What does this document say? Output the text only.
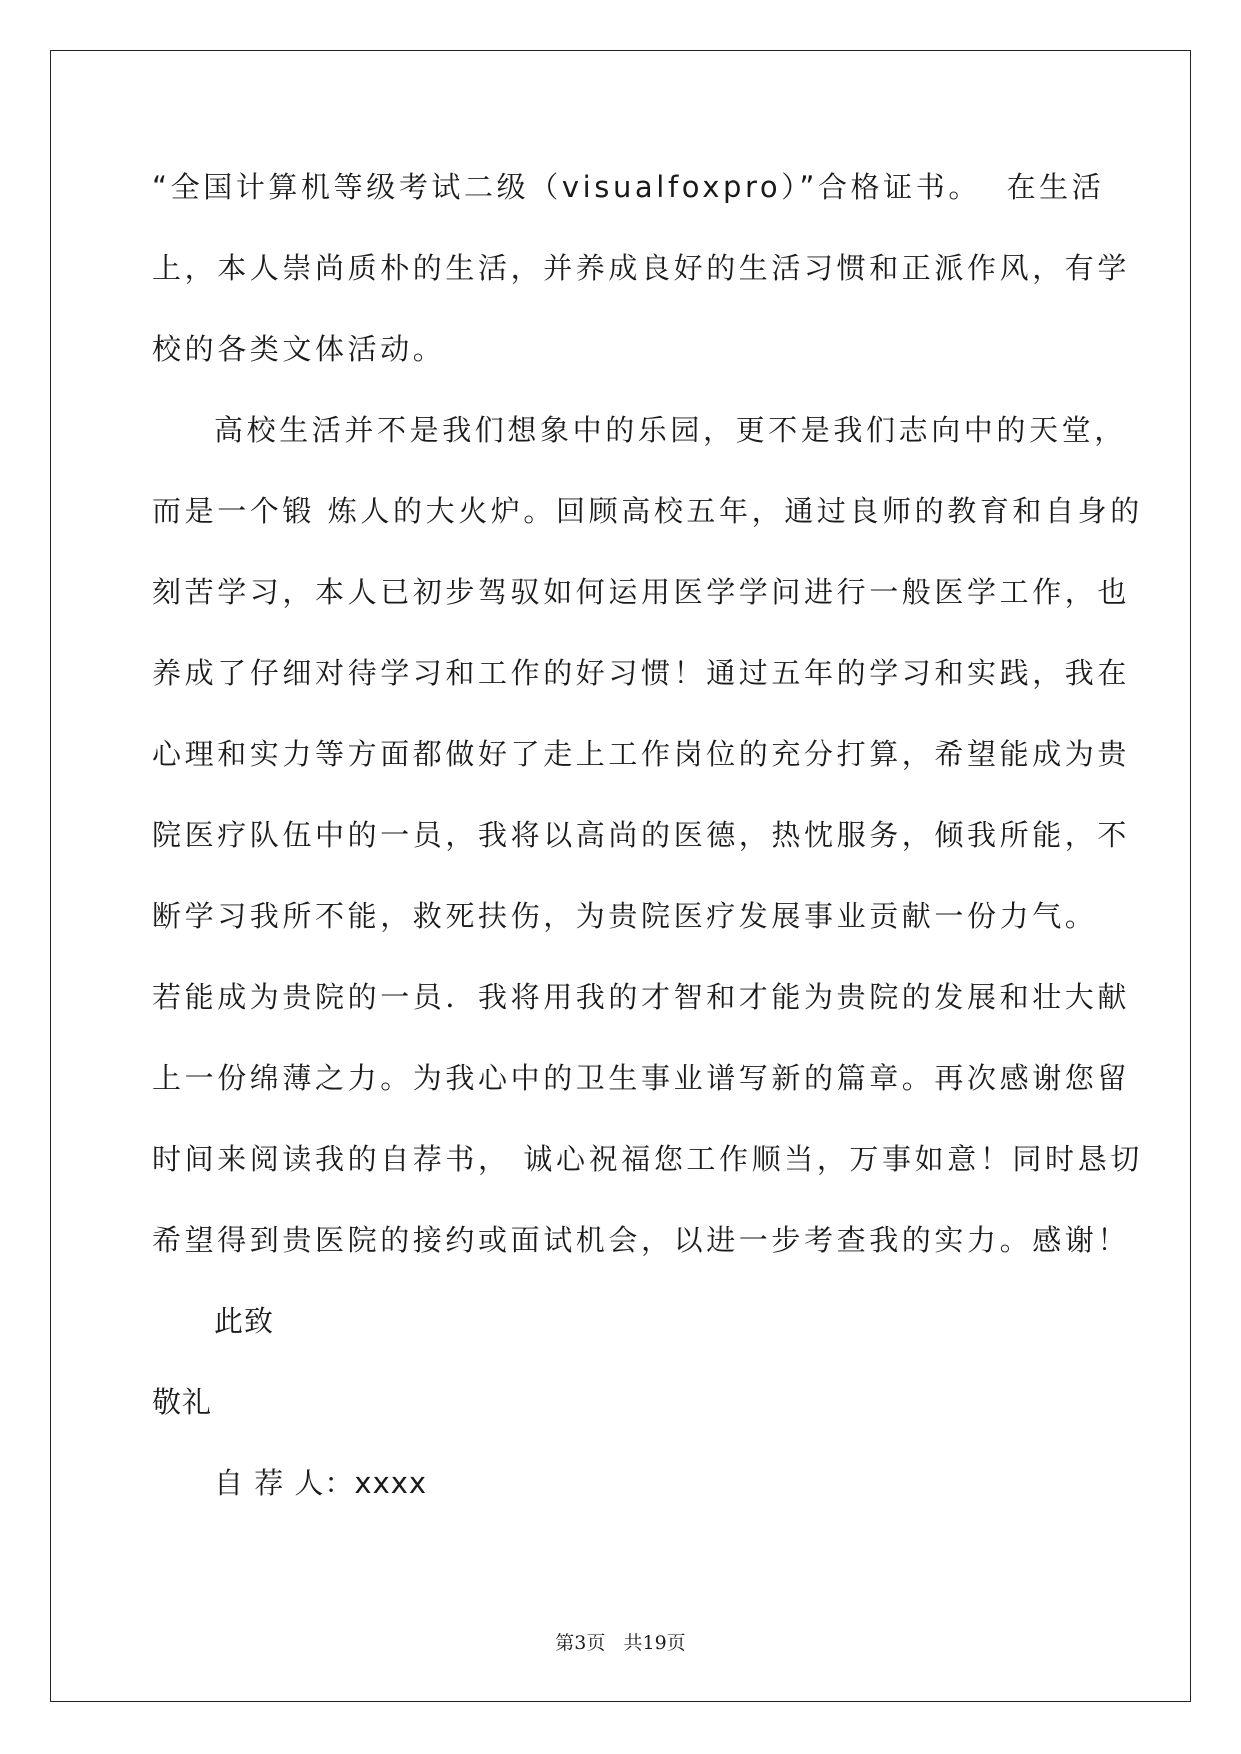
“全国计算机等级考试二级（visualfoxpro）”合格证书。  在生活
上，本人崇尚质朴的生活，并养成良好的生活习惯和正派作风，有学
校的各类文体活动。
高校生活并不是我们想象中的乐园，更不是我们志向中的天堂，
而是一个锻 炼人的大火炉。回顾高校五年，通过良师的教育和自身的
刻苦学习，本人已初步驾驭如何运用医学学问进行一般医学工作，也
养成了仔细对待学习和工作的好习惯！通过五年的学习和实践，我在
心理和实力等方面都做好了走上工作岗位的充分打算，希望能成为贵
院医疗队伍中的一员，我将以高尚的医德，热忱服务，倾我所能，不
断学习我所不能，救死扶伤，为贵院医疗发展事业贡献一份力气。
若能成为贵院的一员．我将用我的才智和才能为贵院的发展和壮大献
上一份绵薄之力。为我心中的卫生事业谱写新的篇章。再次感谢您留
时间来阅读我的自荐书， 诚心祝福您工作顺当，万事如意！同时恳切
希望得到贵医院的接约或面试机会，以进一步考查我的实力。感谢！
此致
敬礼
自 荐 人：xxxx
第3页   共19页
